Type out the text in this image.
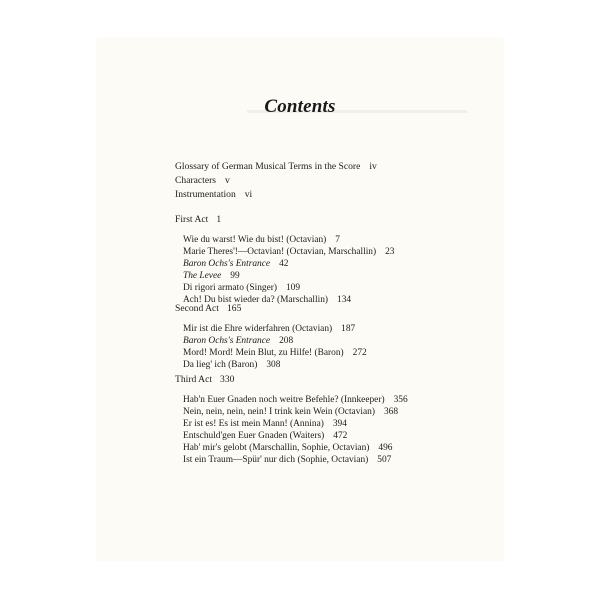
Contents
Glossary of German Musical Terms in the Score iv
Characters v
Instrumentation vi
First Act 1
Wie du warst! Wie du bist! (Octavian) 7
Marie Theres'!—Octavian! (Octavian, Marschallin) 23
Baron Ochs's Entrance 42
The Levee 99
Di rigori armato (Singer) 109
Ach! Du bist wieder da? (Marschallin) 134
Second Act 165
Mir ist die Ehre widerfahren (Octavian) 187
Baron Ochs's Entrance 208
Mord! Mord! Mein Blut, zu Hilfe! (Baron) 272
Da lieg' ich (Baron) 308
Third Act 330
Hab'n Euer Gnaden noch weitre Befehle? (Innkeeper) 356
Nein, nein, nein, nein! I trink kein Wein (Octavian) 368
Er ist es! Es ist mein Mann! (Annina) 394
Entschuld'gen Euer Gnaden (Waiters) 472
Hab' mir's gelobt (Marschallin, Sophie, Octavian) 496
Ist ein Traum—Spür' nur dich (Sophie, Octavian) 507
